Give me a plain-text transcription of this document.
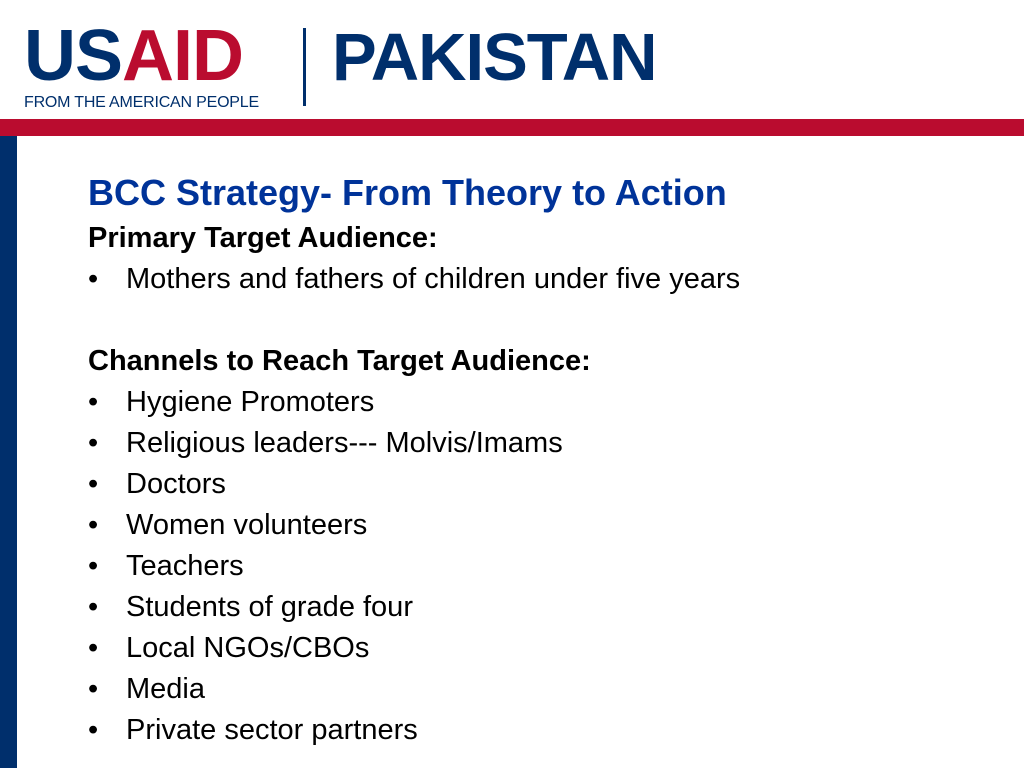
USAID
FROM THE AMERICAN PEOPLE
PAKISTAN
BCC Strategy- From Theory to Action
Primary Target Audience:
• Mothers and fathers of children under five years
Channels to Reach Target Audience:
• Hygiene Promoters
• Religious leaders--- Molvis/Imams
• Doctors
• Women volunteers
• Teachers
• Students of grade four
• Local NGOs/CBOs
• Media
• Private sector partners
